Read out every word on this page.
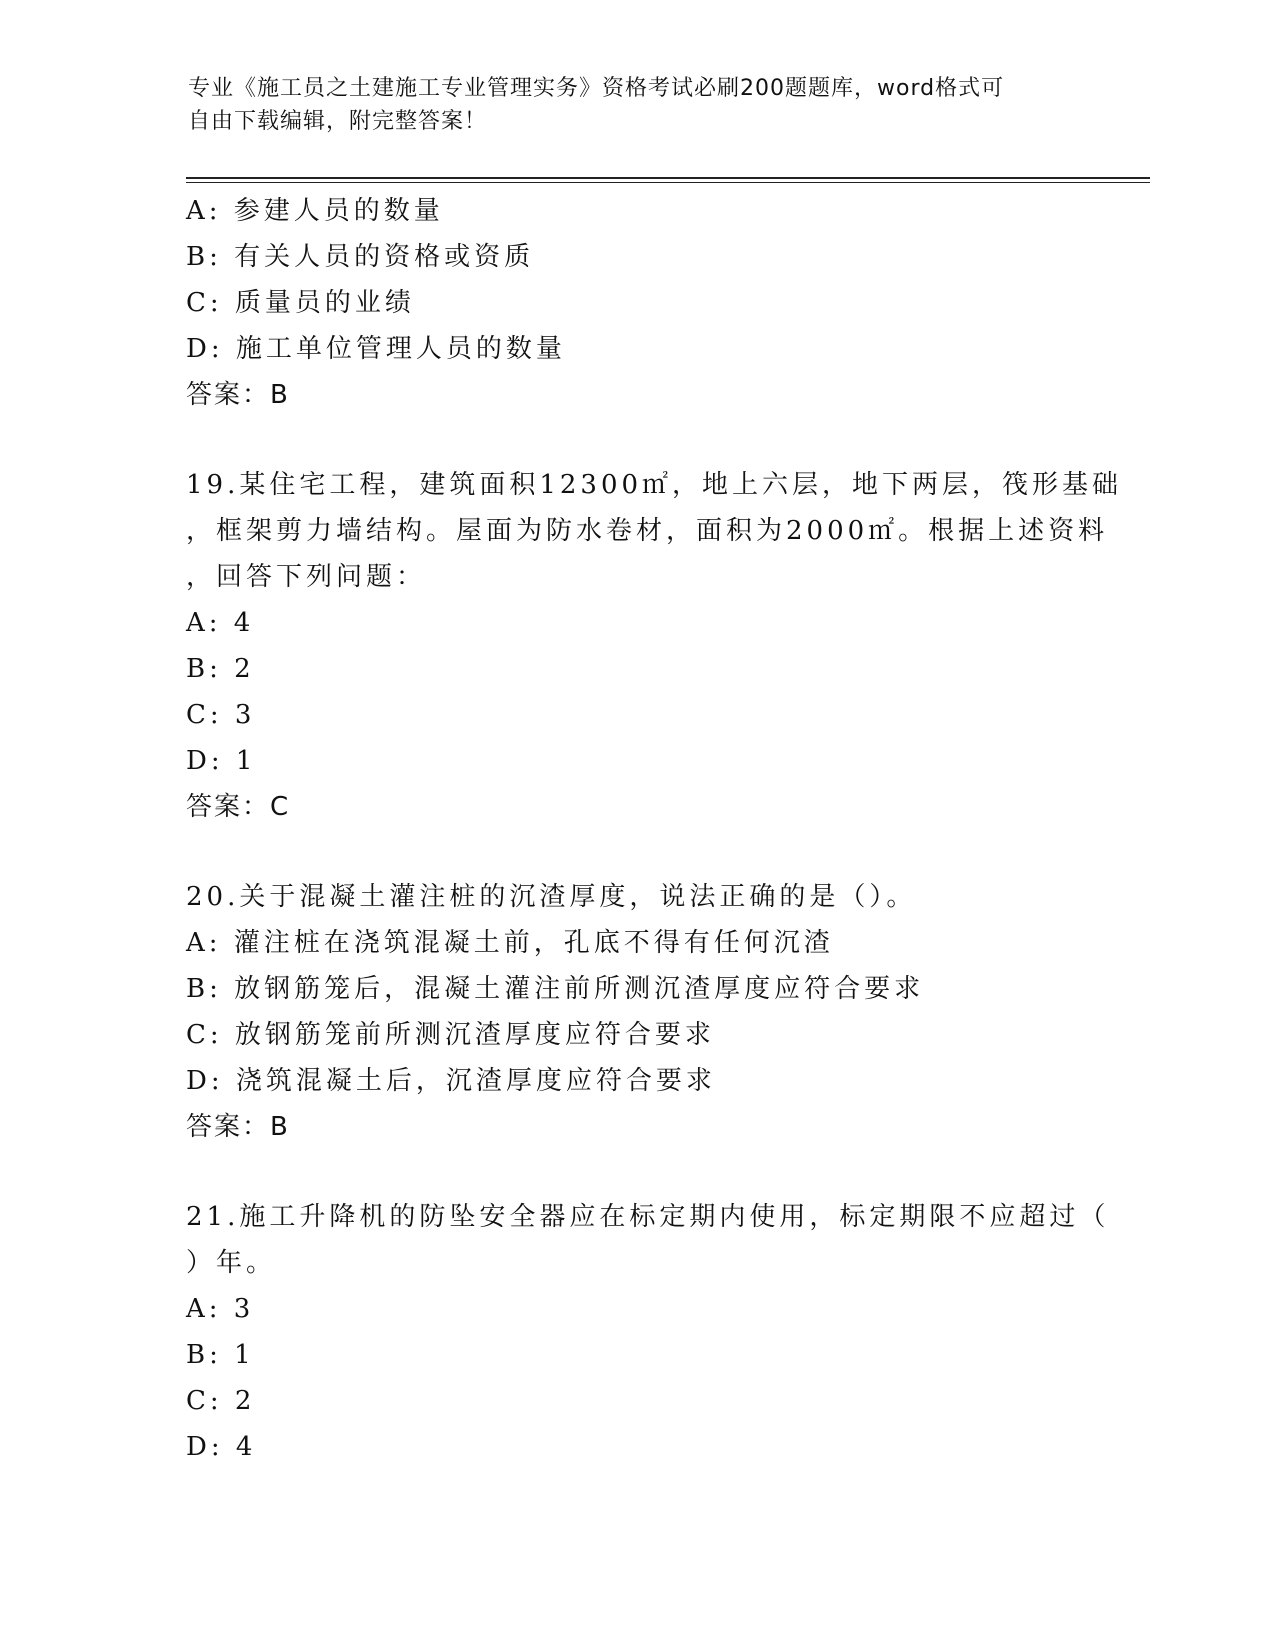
专业《施工员之土建施工专业管理实务》资格考试必刷200题题库，word格式可
自由下载编辑，附完整答案！
A: 参建人员的数量
B: 有关人员的资格或资质
C: 质量员的业绩
D: 施工单位管理人员的数量
答案：B
19.某住宅工程，建筑面积12300㎡，地上六层，地下两层，筏形基础
，框架剪力墙结构。屋面为防水卷材，面积为2000㎡。根据上述资料
，回答下列问题：
A: 4
B: 2
C: 3
D: 1
答案：C
20.关于混凝土灌注桩的沉渣厚度，说法正确的是（）。
A: 灌注桩在浇筑混凝土前，孔底不得有任何沉渣
B: 放钢筋笼后，混凝土灌注前所测沉渣厚度应符合要求
C: 放钢筋笼前所测沉渣厚度应符合要求
D: 浇筑混凝土后，沉渣厚度应符合要求
答案：B
21.施工升降机的防坠安全器应在标定期内使用，标定期限不应超过（
）年。
A: 3
B: 1
C: 2
D: 4
